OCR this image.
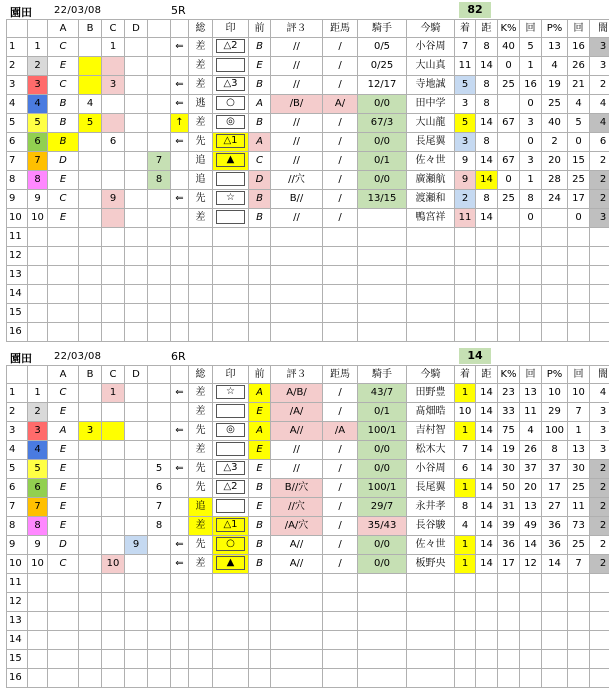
園田 22/03/08	5R	82
		A	B	C	D			総	印	前	評３	距馬	騎手	今騎	着	距	K%	回	P%	回	闇
1	1	C		1			⇐	差	△2	B	//	/	0/5	小谷周	7	8	40	5	13	16	3
2	2	E						差		E	//	/	0/25	大山真	11	14	0	1	4	26	3
3	3	C		3			⇐	差	△3	B	//	/	12/17	寺地誠	5	8	25	16	19	21	2
4	4	B	4				⇐	逃	○	A	/B/	A/	0/0	田中学	3	8		0	25	4	4
5	5	B	5				↑	差	◎	B	//	/	67/3	大山龍	5	14	67	3	40	5	4
6	6	B		6			⇐	先	△1	A	//	/	0/0	長尾翼	3	8		0	2	0	6
7	7	D				7		追	▲	C	//	/	0/1	佐々世	9	14	67	3	20	15	2
8	8	E				8		追		D	//穴	/	0/0	廣瀬航	9	14	0	1	28	25	2
9	9	C		9			⇐	先	☆	B	B//	/	13/15	渡瀬和	2	8	25	8	24	17	2
10	10	E						差		B	//	/		鴨宮祥	11	14		0		0	3
11																					
12																					
13																					
14																					
15																					
16																					
園田 22/03/08	6R	14
		A	B	C	D			総	印	前	評３	距馬	騎手	今騎	着	距	K%	回	P%	回	闇
1	1	C		1			⇐	差	☆	A	A/B/	/	43/7	田野豊	1	14	23	13	10	10	4
2	2	E						差		E	/A/	/	0/1	髙畑晧	10	14	33	11	29	7	3
3	3	A	3				⇐	先	◎	A	A//	/A	100/1	吉村智	1	14	75	4	100	1	3
4	4	E						差		E	//	/	0/0	松木大	7	14	19	26	8	13	3
5	5	E				5	⇐	先	△3	E	//	/	0/0	小谷周	6	14	30	37	37	30	2
6	6	E				6		先	△2	B	B//穴	/	100/1	長尾翼	1	14	50	20	17	25	2
7	7	E				7		追		E	//穴	/	29/7	永井孝	8	14	31	13	27	11	2
8	8	E				8		差	△1	B	/A/穴	/	35/43	長谷駿	4	14	39	49	36	73	2
9	9	D			9		⇐	先	○	B	A//	/	0/0	佐々世	1	14	36	14	36	25	2
10	10	C		10			⇐	差	▲	B	A//	/	0/0	板野央	1	14	17	12	14	7	2
11																					
12																					
13																					
14																					
15																					
16																					
